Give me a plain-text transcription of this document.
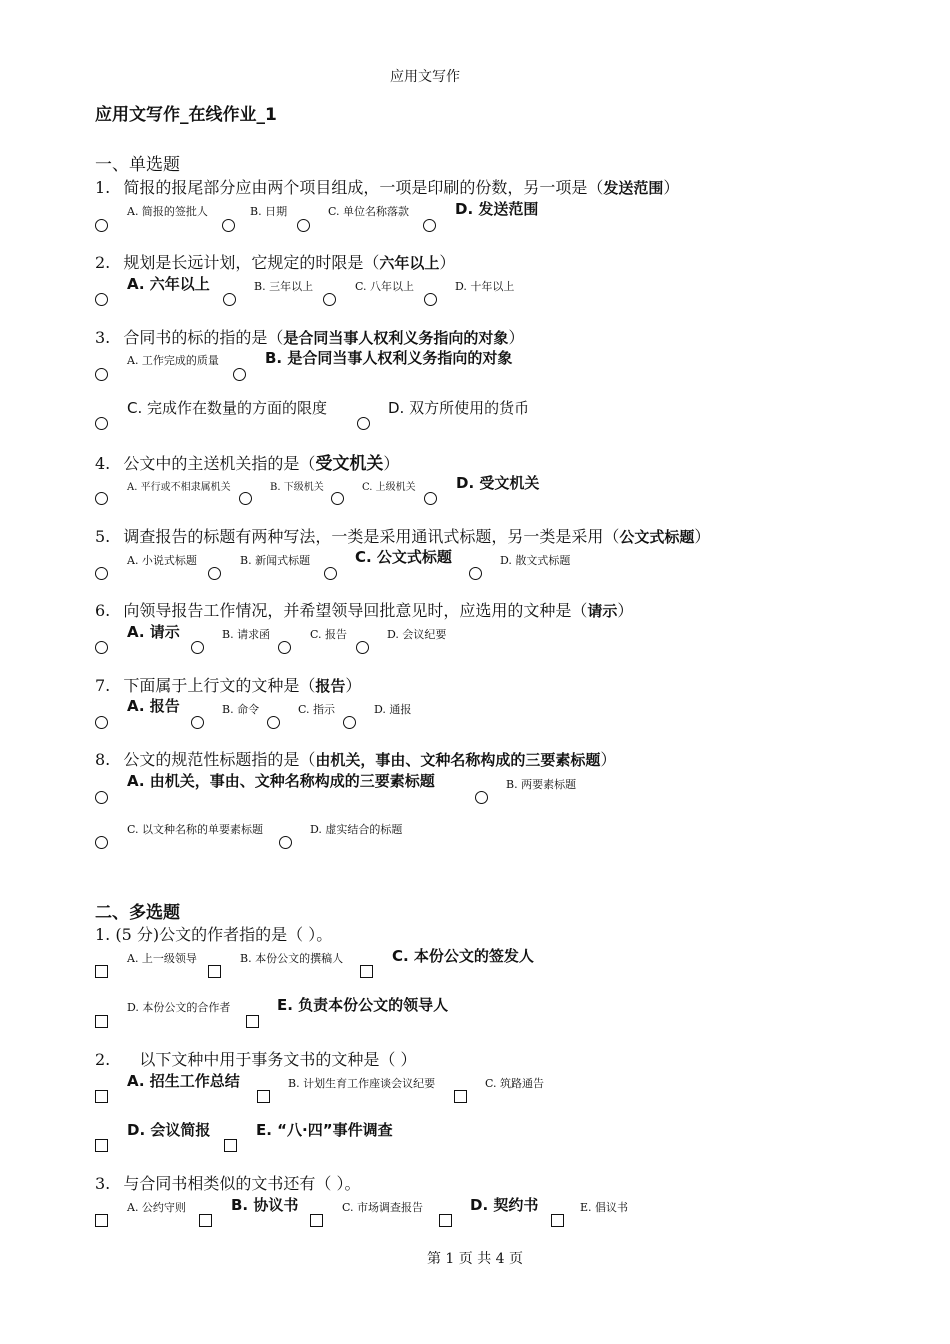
应用文写作
应用文写作_在线作业_1
一、单选题
1. 简报的报尾部分应由两个项目组成，一项是印刷的份数，另一项是（发送范围）
A. 简报的签批人	B. 日期	C. 单位名称落款	D. 发送范围
2. 规划是长远计划，它规定的时限是（六年以上）
A. 六年以上	B. 三年以上	C. 八年以上	D. 十年以上
3. 合同书的标的指的是（是合同当事人权利义务指向的对象）
A. 工作完成的质量	B. 是合同当事人权利义务指向的对象
C. 完成作在数量的方面的限度	D. 双方所使用的货币
4. 公文中的主送机关指的是（受文机关）
A. 平行或不相隶属机关	B. 下级机关	C. 上级机关	D. 受文机关
5. 调查报告的标题有两种写法，一类是采用通讯式标题，另一类是采用（公文式标题）
A. 小说式标题	B. 新闻式标题	C. 公文式标题	D. 散文式标题
6. 向领导报告工作情况，并希望领导回批意见时，应选用的文种是（请示）
A. 请示	B. 请求函	C. 报告	D. 会议纪要
7. 下面属于上行文的文种是（报告）
A. 报告	B. 命令	C. 指示	D. 通报
8. 公文的规范性标题指的是（由机关，事由、文种名称构成的三要素标题）
A. 由机关，事由、文种名称构成的三要素标题	B. 两要素标题
C. 以文种名称的单要素标题	D. 虚实结合的标题
二、多选题
1. (5 分)公文的作者指的是（ ）。
A. 上一级领导	B. 本份公文的撰稿人	C. 本份公文的签发人
D. 本份公文的合作者	E. 负责本份公文的领导人
2. 以下文种中用于事务文书的文种是（ ）
A. 招生工作总结	B. 计划生育工作座谈会议纪要	C. 筑路通告
D. 会议简报	E. “八·四”事件调查
3. 与合同书相类似的文书还有（ ）。
A. 公约守则	B. 协议书	C. 市场调查报告	D. 契约书	E. 倡议书
第 1 页 共 4 页
